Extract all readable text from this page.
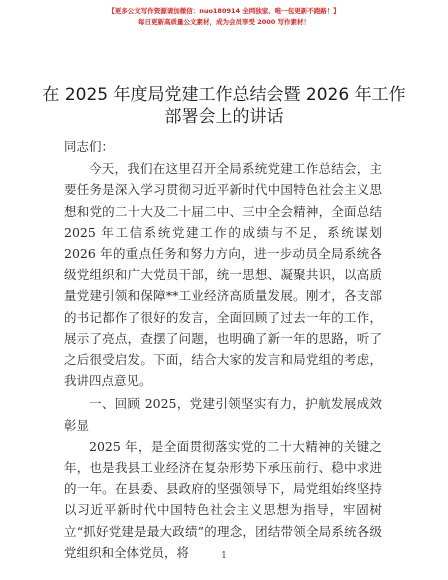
【更多公文写作资源请加微信：nuo180914 全网独家、唯一包更新不跑路！】
每日更新高质量公文素材，成为会员享受 2000 写作素材！
在 2025 年度局党建工作总结会暨 2026 年工作部署会上的讲话

同志们：

今天，我们在这里召开全局系统党建工作总结会，主要任务是深入学习贯彻习近平新时代中国特色社会主义思想和党的二十大及二十届二中、三中全会精神，全面总结 2025 年工信系统党建工作的成绩与不足，系统谋划 2026 年的重点任务和努力方向，进一步动员全局系统各级党组织和广大党员干部，统一思想、凝聚共识，以高质量党建引领和保障**工业经济高质量发展。刚才，各支部的书记都作了很好的发言，全面回顾了过去一年的工作，展示了亮点，查摆了问题，也明确了新一年的思路，听了之后很受启发。下面，结合大家的发言和局党组的考虑，我讲四点意见。

一、回顾 2025，党建引领坚实有力，护航发展成效彰显

2025 年，是全面贯彻落实党的二十大精神的关键之年，也是我县工业经济在复杂形势下承压前行、稳中求进的一年。在县委、县政府的坚强领导下，局党组始终坚持以习近平新时代中国特色社会主义思想为指导，牢固树立“抓好党建是最大政绩”的理念，团结带领全局系统各级党组织和全体党员，将	1
